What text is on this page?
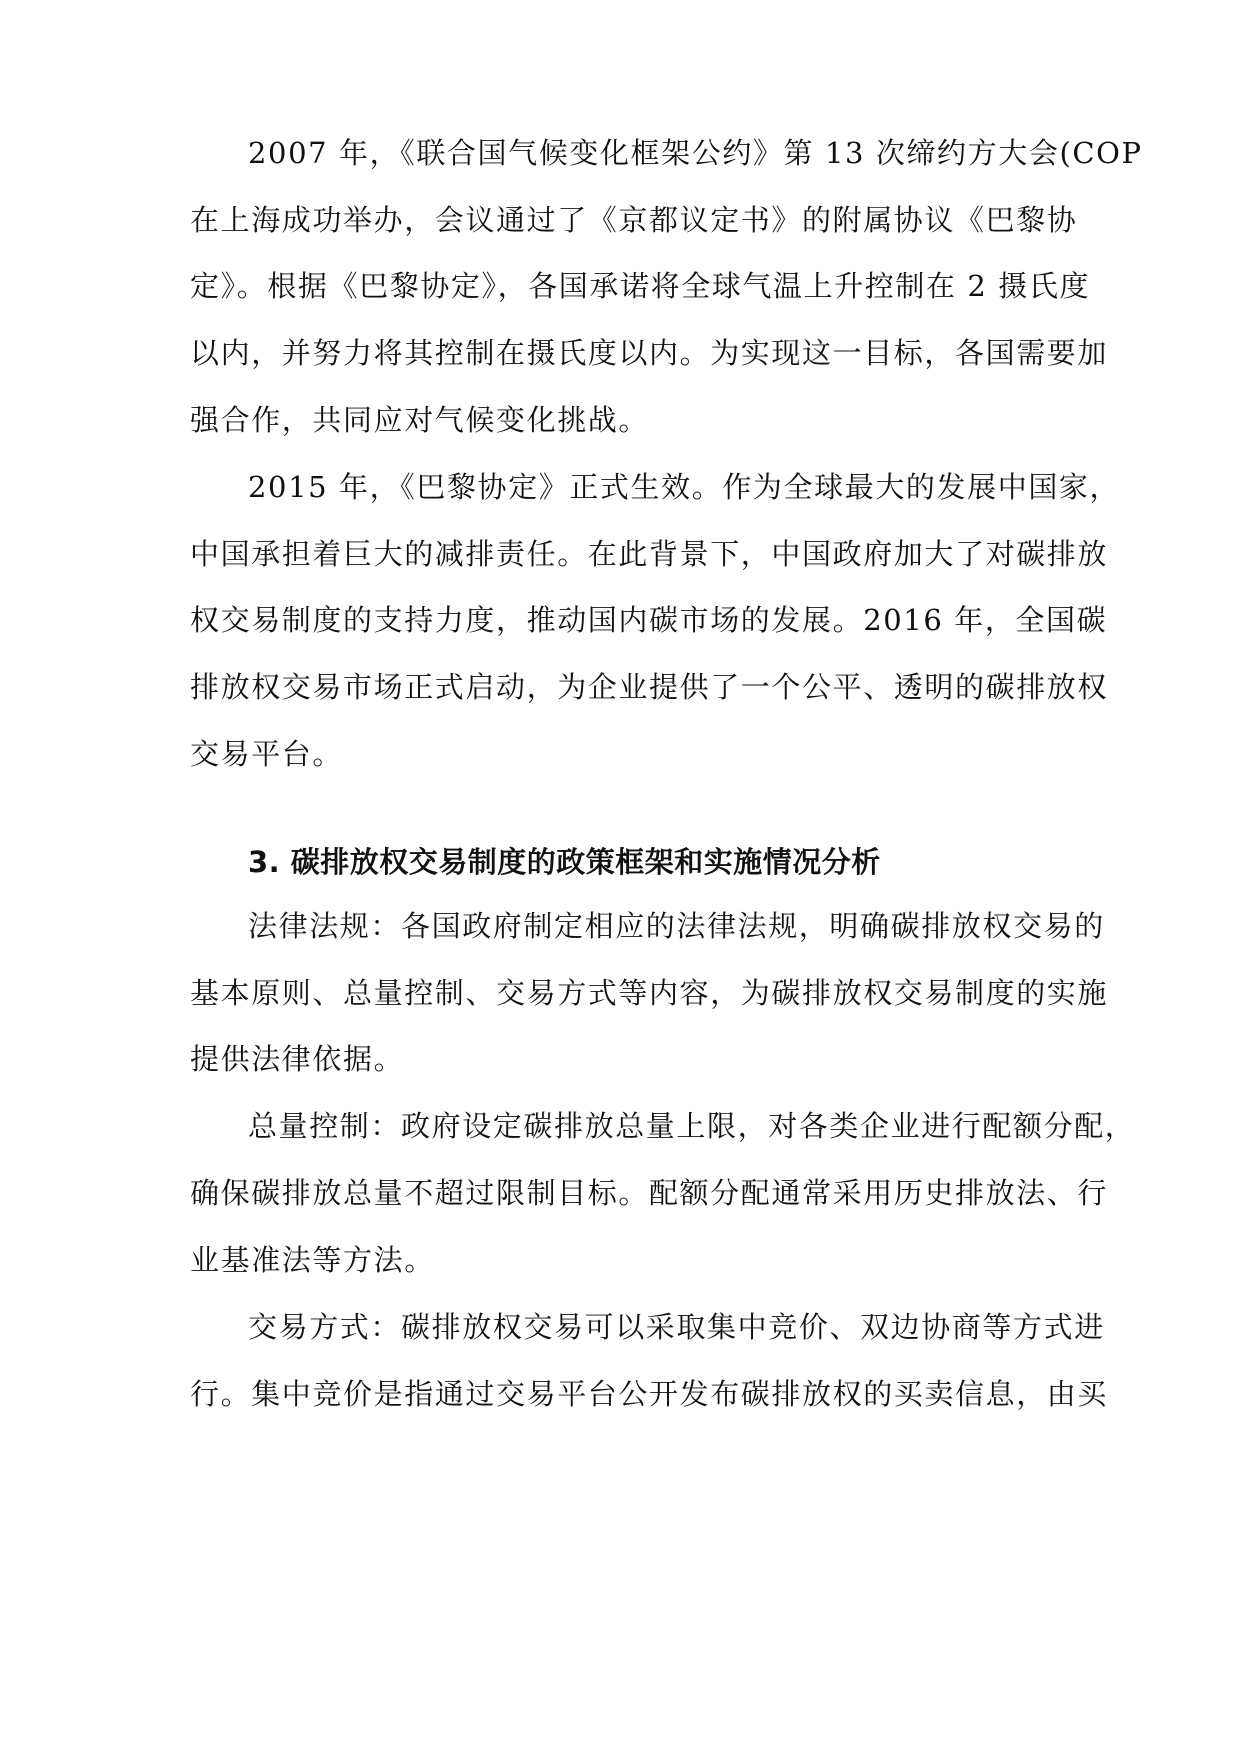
2007 年，《联合国气候变化框架公约》第 13 次缔约方大会(COP
在上海成功举办，会议通过了《京都议定书》的附属协议《巴黎协
定》。根据《巴黎协定》，各国承诺将全球气温上升控制在 2 摄氏度
以内，并努力将其控制在摄氏度以内。为实现这一目标，各国需要加
强合作，共同应对气候变化挑战。
2015 年，《巴黎协定》正式生效。作为全球最大的发展中国家，
中国承担着巨大的减排责任。在此背景下，中国政府加大了对碳排放
权交易制度的支持力度，推动国内碳市场的发展。2016 年，全国碳
排放权交易市场正式启动，为企业提供了一个公平、透明的碳排放权
交易平台。
3. 碳排放权交易制度的政策框架和实施情况分析
法律法规：各国政府制定相应的法律法规，明确碳排放权交易的
基本原则、总量控制、交易方式等内容，为碳排放权交易制度的实施
提供法律依据。
总量控制：政府设定碳排放总量上限，对各类企业进行配额分配，
确保碳排放总量不超过限制目标。配额分配通常采用历史排放法、行
业基准法等方法。
交易方式：碳排放权交易可以采取集中竞价、双边协商等方式进
行。集中竞价是指通过交易平台公开发布碳排放权的买卖信息，由买
